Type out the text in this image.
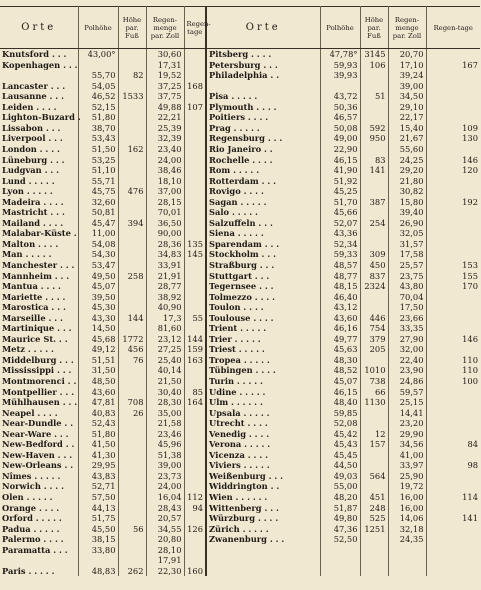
Orte	Polhöhe	Höhe par. Fuß	Regen-menge par. Zoll	Regen-tage	Orte	Polhöhe	Höhe par. Fuß	Regen-menge par. Zoll	Regen-tage
Knutsford . . .	43,00°		30,60		Pitsberg . . . .	47,78°	3145	20,70	
Kopenhagen . . .			17,31		Petersburg . . .	59,93	106	17,10	167
	55,70	82	19,52		Philadelphia . .	39,93		39,24	
Lancaster . . .	54,05		37,25	168				39,00	
Lausanne . . .	46,52	1533	37,75		Pisa . . . . .	43,72	51	34,50	
Leiden . . . .	52,15		49,88	107	Plymouth . . . .	50,36		29,10	
Lighton-Buzard .	51,80		22,21		Poitiers . . . .	46,57		22,17	
Lissabon . . .	38,70		25,39		Prag . . . . .	50,08	592	15,40	109
Liverpool . . .	53,43		32,39		Regensburg . . .	49,00	950	21,67	130
London . . . .	51,50	162	23,40		Rio Janeiro . .	22,90		55,60	
Lüneburg . . .	53,25		24,00		Rochelle . . . .	46,15	83	24,25	146
Ludgvan . . .	51,10		38,46		Rom . . . . .	41,90	141	29,20	120
Lund . . . . .	55,71		18,10		Rotterdam . . .	51,92		21,80	
Lyon . . . . .	45,75	476	37,00		Rovigo . . . .	45,25		30,82	
Madeira . . . .	32,60		28,15		Sagan . . . . .	51,70	387	15,80	192
Mastricht . . .	50,81		70,01		Salo . . . . .	45,66		39,40	
Mailand . . . .	45,47	394	36,50		Salzuffeln . . .	52,07	254	26,90	
Malabar-Küste .	11,00		90,00		Siena . . . . .	43,36		32,05	
Malton . . . .	54,08		28,36	135	Sparendam . . .	52,34		31,57	
Man . . . . .	54,30		34,83	145	Stockholm . . .	59,33	309	17,58	
Manchester . . .	53,47		33,91		Straßburg . . .	48,57	450	25,57	153
Mannheim . . .	49,50	258	21,91		Stuttgart . . .	48,77	837	23,75	155
Mantua . . . .	45,07		28,77		Tegernsee . . .	48,15	2324	43,80	170
Mariette . . . .	39,50		38,92		Tolmezzo . . . .	46,40		70,04	
Marostica . . .	45,30		40,90		Toulon . . . .	43,12		17,50	
Marseille . . .	43,30	144	17,3	55	Toulouse . . . .	43,60	446	23,66	
Martinique . . .	14,50		81,60		Trient . . . . .	46,16	754	33,35	
Maurice St. . .	45,68	1772	23,12	144	Trier . . . . .	49,77	379	27,90	146
Metz . . . . .	49,12	456	27,25	159	Triest . . . . .	45,63	205	32,00	
Middelburg . . .	51,51	76	25,40	163	Tropea . . . . .	48,30		22,40	110
Mississippi . . .	31,50		40,14		Tübingen . . . .	48,52	1010	23,90	110
Montmorenci . .	48,50		21,50		Turin . . . . .	45,07	738	24,86	100
Montpellier . . .	43,60		30,40	85	Udine . . . . .	46,15	66	59,57	
Mühlhausen . . .	47,81	708	28,30	164	Ulm . . . . . .	48,40	1130	25,15	
Neapel . . . .	40,83	26	35,00		Upsala . . . . .	59,85		14,41	
Near-Dundle . .	52,43		21,58		Utrecht . . . .	52,08		23,20	
Near-Ware . . .	51,80		23,46		Venedig . . . .	45,42	12	29,90	
New-Bedford . .	41,50		45,96		Verona . . . . .	45,43	157	34,56	84
New-Haven . . .	41,30		51,38		Vicenza . . . .	45,45		41,00	
New-Orleans . .	29,95		39,00		Viviers . . . . .	44,50		33,97	98
Nîmes . . . . .	43,83		23,73		Weißenburg . . .	49,03	564	25,90	
Norwich . . . .	52,71		24,00		Widdrington . .	55,00		19,72	
Olen . . . . .	57,50		16,04	112	Wien . . . . . .	48,20	451	16,00	114
Orange . . . .	44,13		28,43	94	Wittenberg . . .	51,87	248	16,00	
Orford . . . . .	51,75		20,57		Würzburg . . . .	49,80	525	14,06	141
Padua . . . . .	45,50	56	34,55	126	Zürich . . . . .	47,36	1251	32,18	
Palermo . . . .	38,15		20,80		Zwanenburg . . .	52,50		24,35	
Paramatta . . .	33,80		28,10						
			17,91						
Paris . . . . .	48,83	262	22,30	160					
